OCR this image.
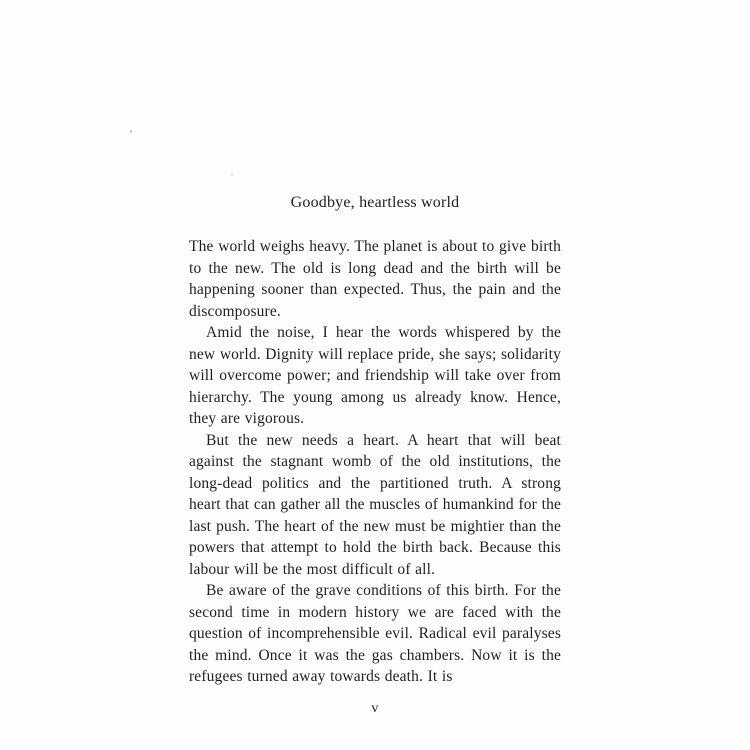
Goodbye, heartless world

The world weighs heavy. The planet is about to give birth to the new. The old is long dead and the birth will be happening sooner than expected. Thus, the pain and the discomposure.

Amid the noise, I hear the words whispered by the new world. Dignity will replace pride, she says; solidarity will overcome power; and friendship will take over from hierarchy. The young among us already know. Hence, they are vigorous.

But the new needs a heart. A heart that will beat against the stagnant womb of the old institutions, the long-dead politics and the partitioned truth. A strong heart that can gather all the muscles of humankind for the last push. The heart of the new must be mightier than the powers that attempt to hold the birth back. Because this labour will be the most difficult of all.

Be aware of the grave conditions of this birth. For the second time in modern history we are faced with the question of incomprehensible evil. Radical evil paralyses the mind. Once it was the gas chambers. Now it is the refugees turned away towards death. It is

v
